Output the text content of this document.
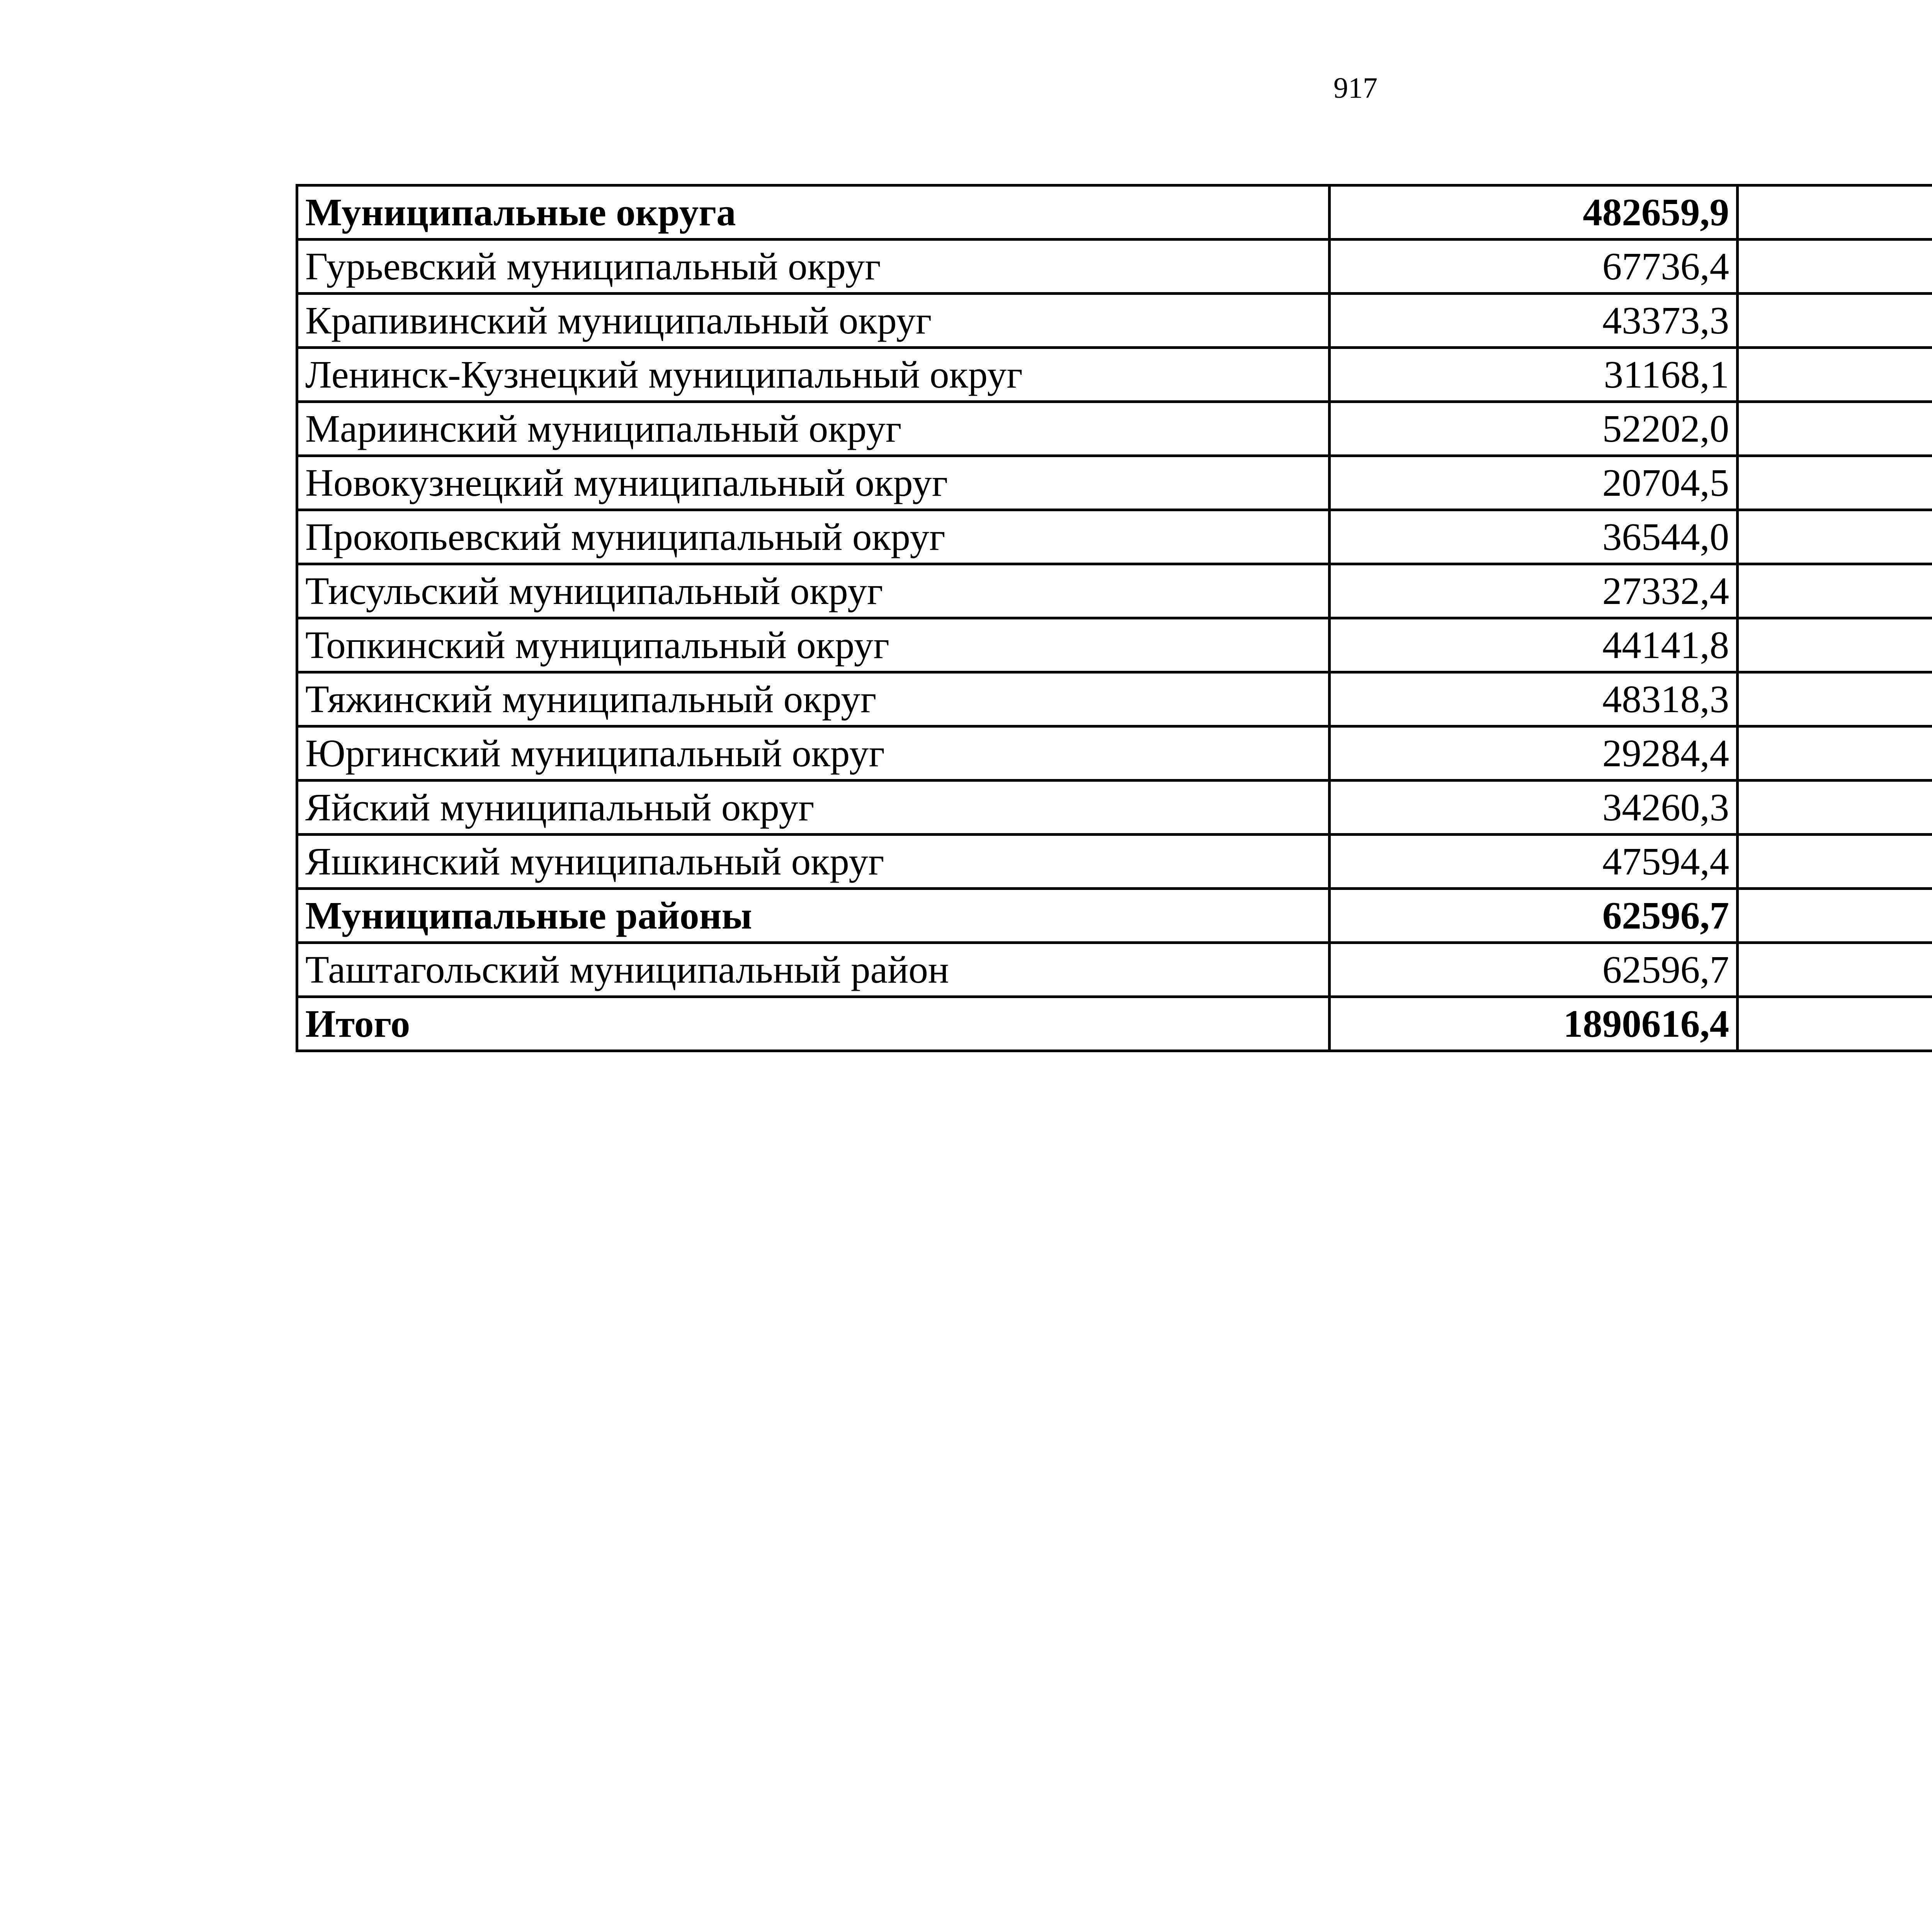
917
Муниципальные округа	482659,9		
Гурьевский муниципальный округ	67736,4		
Крапивинский муниципальный округ	43373,3		
Ленинск-Кузнецкий муниципальный округ	31168,1		
Мариинский муниципальный округ	52202,0		
Новокузнецкий муниципальный округ	20704,5		
Прокопьевский муниципальный округ	36544,0		
Тисульский муниципальный округ	27332,4		
Топкинский муниципальный округ	44141,8		
Тяжинский муниципальный округ	48318,3		
Юргинский муниципальный округ	29284,4		
Яйский муниципальный округ	34260,3		
Яшкинский муниципальный округ	47594,4		
Муниципальные районы	62596,7		
Таштагольский муниципальный район	62596,7		
Итого	1890616,4		
